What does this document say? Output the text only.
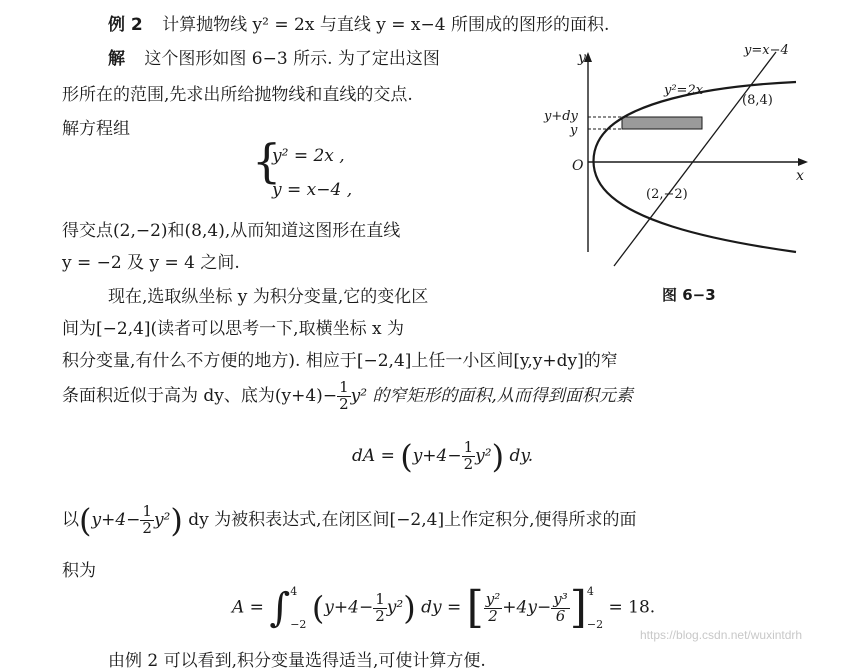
例 2 计算抛物线 y² = 2x 与直线 y = x−4 所围成的图形的面积.
解 这个图形如图 6−3 所示. 为了定出这图
形所在的范围,先求出所给抛物线和直线的交点.
解方程组
{
y² = 2x ,
y = x−4 ,
得交点(2,−2)和(8,4),从而知道这图形在直线
y = −2 及 y = 4 之间.
y
x
O
y=x−4
y²=2x
(8,4)
(2,−2)
y+dy
y
图 6−3
现在,选取纵坐标 y 为积分变量,它的变化区
间为[−2,4](读者可以思考一下,取横坐标 x 为
积分变量,有什么不方便的地方). 相应于[−2,4]上任一小区间[y,y+dy]的窄
条面积近似于高为 dy、底为$(y+4)- \frac{1}{2} y^2$ 的窄矩形的面积,从而得到面积元素
dA = $(y+4- \frac{1}{2} y^2)$ dy.
以$(y+4- \frac{1}{2} y^2)$ dy 为被积表达式,在闭区间[−2,4]上作定积分,便得所求的面
积为
A = ∫ 4
−2 $(y+4- \frac{1}{2} y^2)$ dy = [ $\frac{\text{y²}}{2} +4y- \frac{\text{y³}}{6}$ ] 4
−2
= 18.
由例 2 可以看到,积分变量选得适当,可使计算方便.
https://blog.csdn.net/wuxintdrh
